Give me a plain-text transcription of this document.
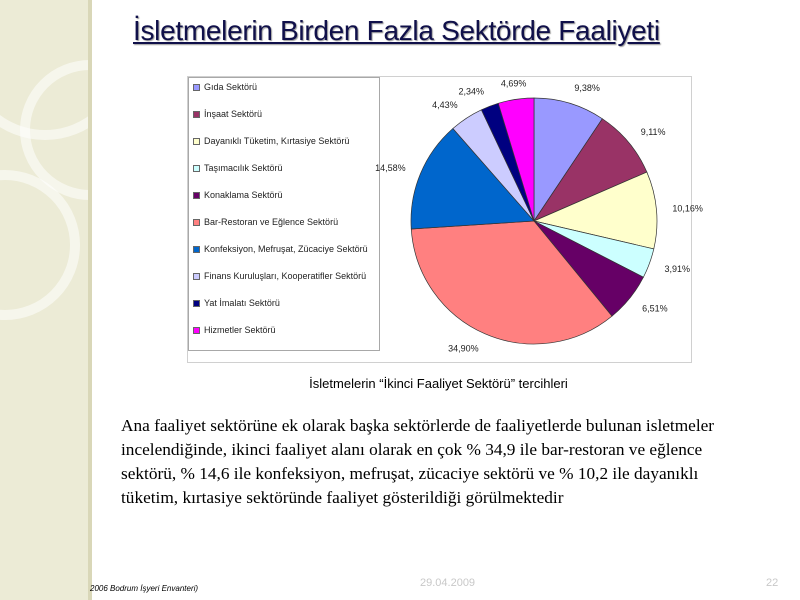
İsletmelerin Birden Fazla Sektörde Faaliyeti
Gıda Sektörü
İnşaat Sektörü
Dayanıklı Tüketim, Kırtasiye Sektörü
Taşımacılık Sektörü
Konaklama Sektörü
Bar-Restoran ve Eğlence Sektörü
Konfeksiyon, Mefruşat, Zücaciye Sektörü
Finans Kuruluşları, Kooperatifler Sektörü
Yat İmalatı Sektörü
Hizmetler Sektörü
9,38%
9,11%
10,16%
3,91%
6,51%
34,90%
14,58%
4,43%
2,34%
4,69%
İsletmelerin “İkinci Faaliyet Sektörü” tercihleri
Ana faaliyet sektörüne ek olarak başka sektörlerde de faaliyetlerde bulunan isletmeler incelendiğinde, ikinci faaliyet alanı olarak en çok % 34,9 ile bar-restoran ve eğlence sektörü, % 14,6 ile konfeksiyon, mefruşat, zücaciye sektörü ve % 10,2 ile dayanıklı tüketim, kırtasiye sektöründe faaliyet gösterildiği görülmektedir
2006 Bodrum İşyeri Envanteri)	29.04.2009	22
